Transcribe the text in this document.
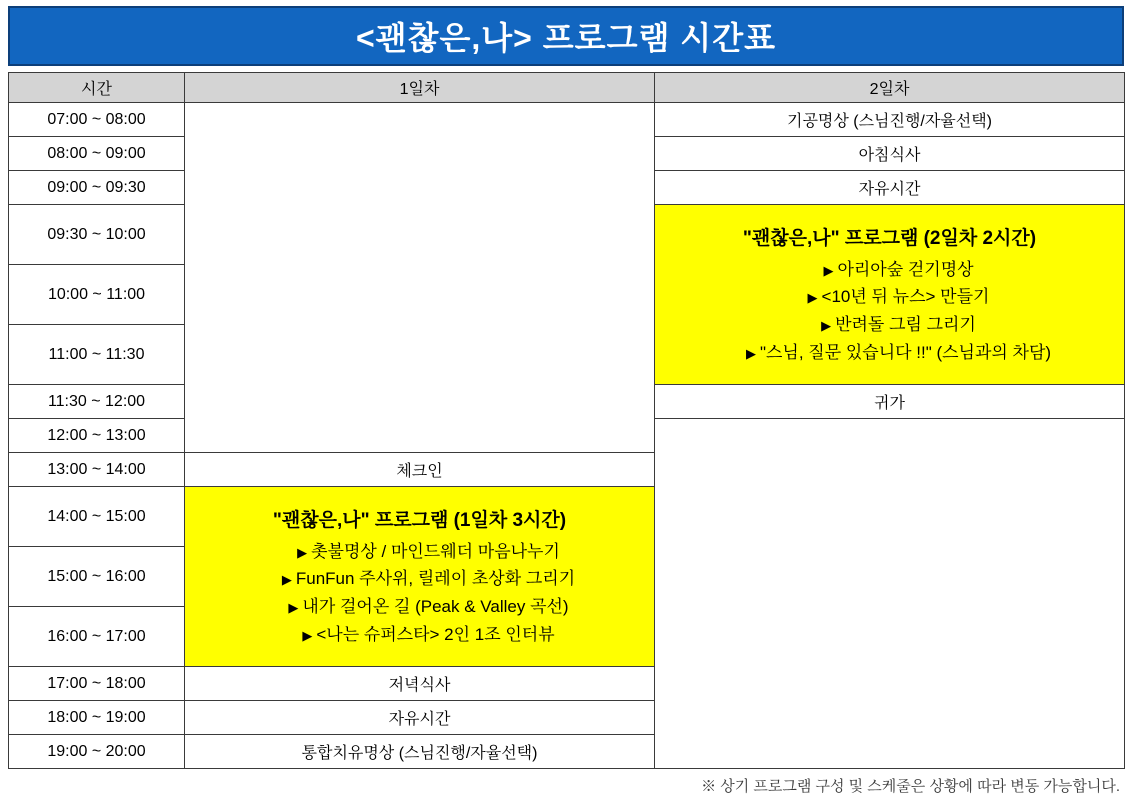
<괜찮은,나> 프로그램 시간표
시간	1일차	2일차
07:00 ~ 08:00		기공명상 (스님진행/자율선택)
08:00 ~ 09:00		아침식사
09:00 ~ 09:30		자유시간
09:30 ~ 10:00		"괜찮은,나" 프로그램 (2일차 2시간)
▶ 아리아숲 걷기명상
▶ <10년 뒤 뉴스> 만들기
▶ 반려돌 그림 그리기
▶ "스님, 질문 있습니다 !!" (스님과의 차담)

10:00 ~ 11:00		
11:00 ~ 11:30		
11:30 ~ 12:00		귀가
12:00 ~ 13:00		
13:00 ~ 14:00	체크인	
14:00 ~ 15:00	"괜찮은,나" 프로그램 (1일차 3시간)
▶ 촛불명상 / 마인드웨더 마음나누기
▶ FunFun 주사위, 릴레이 초상화 그리기
▶ 내가 걸어온 길 (Peak & Valley 곡선)
▶ <나는 슈퍼스타> 2인 1조 인터뷰	

15:00 ~ 16:00		
16:00 ~ 17:00		
17:00 ~ 18:00	저녁식사	
18:00 ~ 19:00	자유시간	
19:00 ~ 20:00	통합치유명상 (스님진행/자율선택)	
※ 상기 프로그램 구성 및 스케줄은 상황에 따라 변동 가능합니다.
